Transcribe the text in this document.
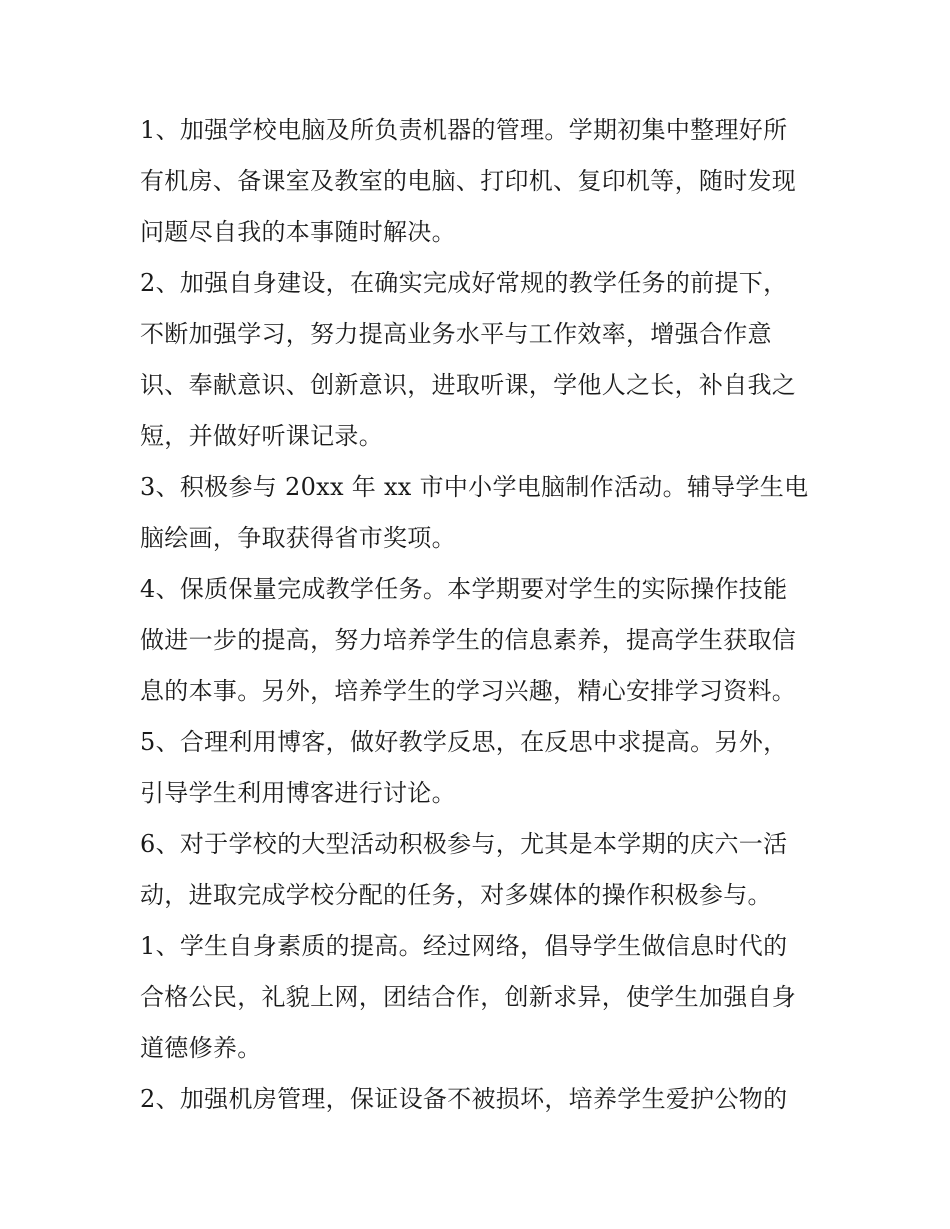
1、加强学校电脑及所负责机器的管理。学期初集中整理好所
有机房、备课室及教室的电脑、打印机、复印机等，随时发现
问题尽自我的本事随时解决。
2、加强自身建设，在确实完成好常规的教学任务的前提下，
不断加强学习，努力提高业务水平与工作效率，增强合作意
识、奉献意识、创新意识，进取听课，学他人之长，补自我之
短，并做好听课记录。
3、积极参与 20xx 年 xx 市中小学电脑制作活动。辅导学生电
脑绘画，争取获得省市奖项。
4、保质保量完成教学任务。本学期要对学生的实际操作技能
做进一步的提高，努力培养学生的信息素养，提高学生获取信
息的本事。另外，培养学生的学习兴趣，精心安排学习资料。
5、合理利用博客，做好教学反思，在反思中求提高。另外，
引导学生利用博客进行讨论。
6、对于学校的大型活动积极参与，尤其是本学期的庆六一活
动，进取完成学校分配的任务，对多媒体的操作积极参与。
1、学生自身素质的提高。经过网络，倡导学生做信息时代的
合格公民，礼貌上网，团结合作，创新求异，使学生加强自身
道德修养。
2、加强机房管理，保证设备不被损坏，培养学生爱护公物的
